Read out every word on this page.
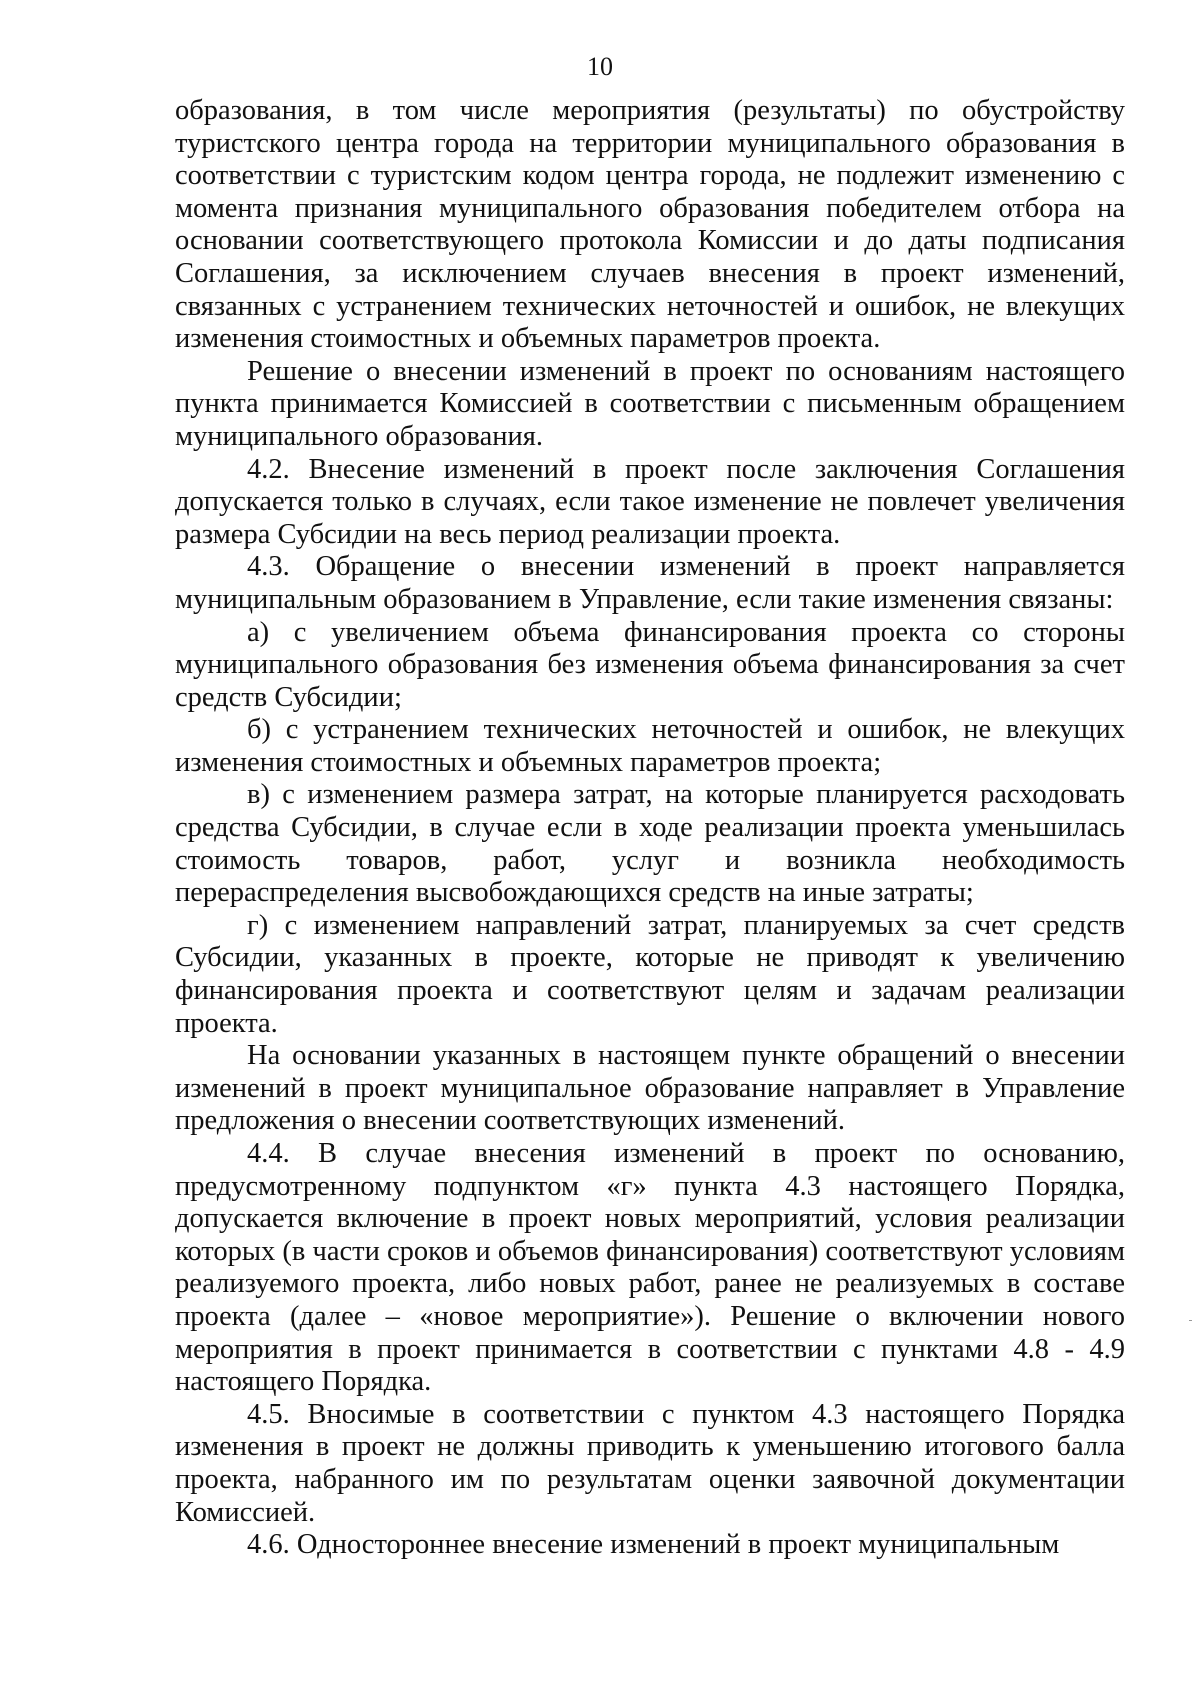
10

образования, в том числе мероприятия (результаты) по обустройству туристского центра города на территории муниципального образования в соответствии с туристским кодом центра города, не подлежит изменению с момента признания муниципального образования победителем отбора на основании соответствующего протокола Комиссии и до даты подписания Соглашения, за исключением случаев внесения в проект изменений, связанных с устранением технических неточностей и ошибок, не влекущих изменения стоимостных и объемных параметров проекта.

Решение о внесении изменений в проект по основаниям настоящего пункта принимается Комиссией в соответствии с письменным обращением муниципального образования.

4.2. Внесение изменений в проект после заключения Соглашения допускается только в случаях, если такое изменение не повлечет увеличения размера Субсидии на весь период реализации проекта.

4.3. Обращение о внесении изменений в проект направляется муниципальным образованием в Управление, если такие изменения связаны:

а) с увеличением объема финансирования проекта со стороны муниципального образования без изменения объема финансирования за счет средств Субсидии;

б) с устранением технических неточностей и ошибок, не влекущих изменения стоимостных и объемных параметров проекта;

в) с изменением размера затрат, на которые планируется расходовать средства Субсидии, в случае если в ходе реализации проекта уменьшилась стоимость товаров, работ, услуг и возникла необходимость перераспределения высвобождающихся средств на иные затраты;

г) с изменением направлений затрат, планируемых за счет средств Субсидии, указанных в проекте, которые не приводят к увеличению финансирования проекта и соответствуют целям и задачам реализации проекта.

На основании указанных в настоящем пункте обращений о внесении изменений в проект муниципальное образование направляет в Управление предложения о внесении соответствующих изменений.

4.4. В случае внесения изменений в проект по основанию, предусмотренному подпунктом «г» пункта 4.3 настоящего Порядка, допускается включение в проект новых мероприятий, условия реализации которых (в части сроков и объемов финансирования) соответствуют условиям реализуемого проекта, либо новых работ, ранее не реализуемых в составе проекта (далее – «новое мероприятие»). Решение о включении нового мероприятия в проект принимается в соответствии с пунктами 4.8 - 4.9 настоящего Порядка.

4.5. Вносимые в соответствии с пунктом 4.3 настоящего Порядка изменения в проект не должны приводить к уменьшению итогового балла проекта, набранного им по результатам оценки заявочной документации Комиссией.

4.6. Одностороннее внесение изменений в проект муниципальным
